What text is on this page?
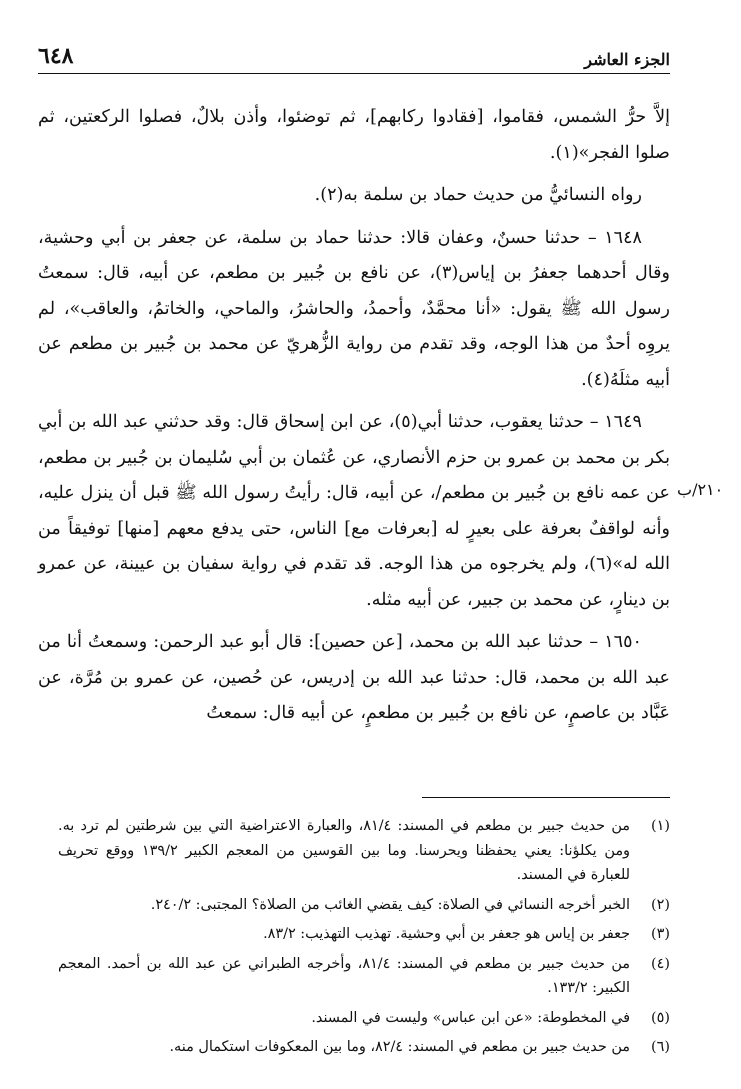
٦٤٨	الجزء العاشر
٢١٠/ب

إلاَّ حرُّ الشمس، فقاموا، [فقادوا ركابهم]، ثم توضئوا، وأذن بلالٌ، فصلوا الركعتين، ثم صلوا الفجر»(١).

رواه النسائيُّ من حديث حماد بن سلمة به(٢).

١٦٤٨ – حدثنا حسنٌ، وعفان قالا: حدثنا حماد بن سلمة، عن جعفر بن أبي وحشية، وقال أحدهما جعفرُ بن إياس(٣)، عن نافع بن جُبير بن مطعم، عن أبيه، قال: سمعتُ رسول الله ﷺ يقول: «أنا محمَّدٌ، وأحمدُ، والحاشرُ، والماحي، والخاتمُ، والعاقب»، لم يروِه أحدٌ من هذا الوجه، وقد تقدم من رواية الزُّهريّ عن محمد بن جُبير بن مطعم عن أبيه مثلَهُ(٤).

١٦٤٩ – حدثنا يعقوب، حدثنا أبي(٥)، عن ابن إسحاق قال: وقد حدثني عبد الله بن أبي بكر بن محمد بن عمرو بن حزم الأنصاري، عن عُثمان بن أبي سُليمان بن جُبير بن مطعم، عن عمه نافع بن جُبير بن مطعم/، عن أبيه، قال: رأيتُ رسول الله ﷺ قبل أن ينزل عليه، وأنه لواقفٌ بعرفة على بعيرٍ له [بعرفات مع] الناس، حتى يدفع معهم [منها] توفيقاً من الله له»(٦)، ولم يخرجوه من هذا الوجه. قد تقدم في رواية سفيان بن عيينة، عن عمرو بن دينارٍ، عن محمد بن جبير، عن أبيه مثله.

١٦٥٠ – حدثنا عبد الله بن محمد، [عن حصين]: قال أبو عبد الرحمن: وسمعتُ أنا من عبد الله بن محمد، قال: حدثنا عبد الله بن إدريس، عن حُصين، عن عمرو بن مُرَّة، عن عَبَّاد بن عاصمٍ، عن نافع بن جُبير بن مطعمٍ، عن أبيه قال: سمعتُ

(١)
من حديث جبير بن مطعم في المسند: ٨١/٤، والعبارة الاعتراضية التي بين شرطتين لم ترد به. ومن يكلؤنا: يعني يحفظنا ويحرسنا. وما بين القوسين من المعجم الكبير ١٣٩/٢ ووقع تحريف للعبارة في المسند.
(٢)
الخبر أخرجه النسائي في الصلاة: كيف يقضي الغائب من الصلاة؟ المجتبى: ٢٤٠/٢.
(٣)
جعفر بن إياس هو جعفر بن أبي وحشية. تهذيب التهذيب: ٨٣/٢.
(٤)
من حديث جبير بن مطعم في المسند: ٨١/٤، وأخرجه الطبراني عن عبد الله بن أحمد. المعجم الكبير: ١٣٣/٢.
(٥)
في المخطوطة: «عن ابن عباس» وليست في المسند.
(٦)
من حديث جبير بن مطعم في المسند: ٨٢/٤، وما بين المعكوفات استكمال منه.
